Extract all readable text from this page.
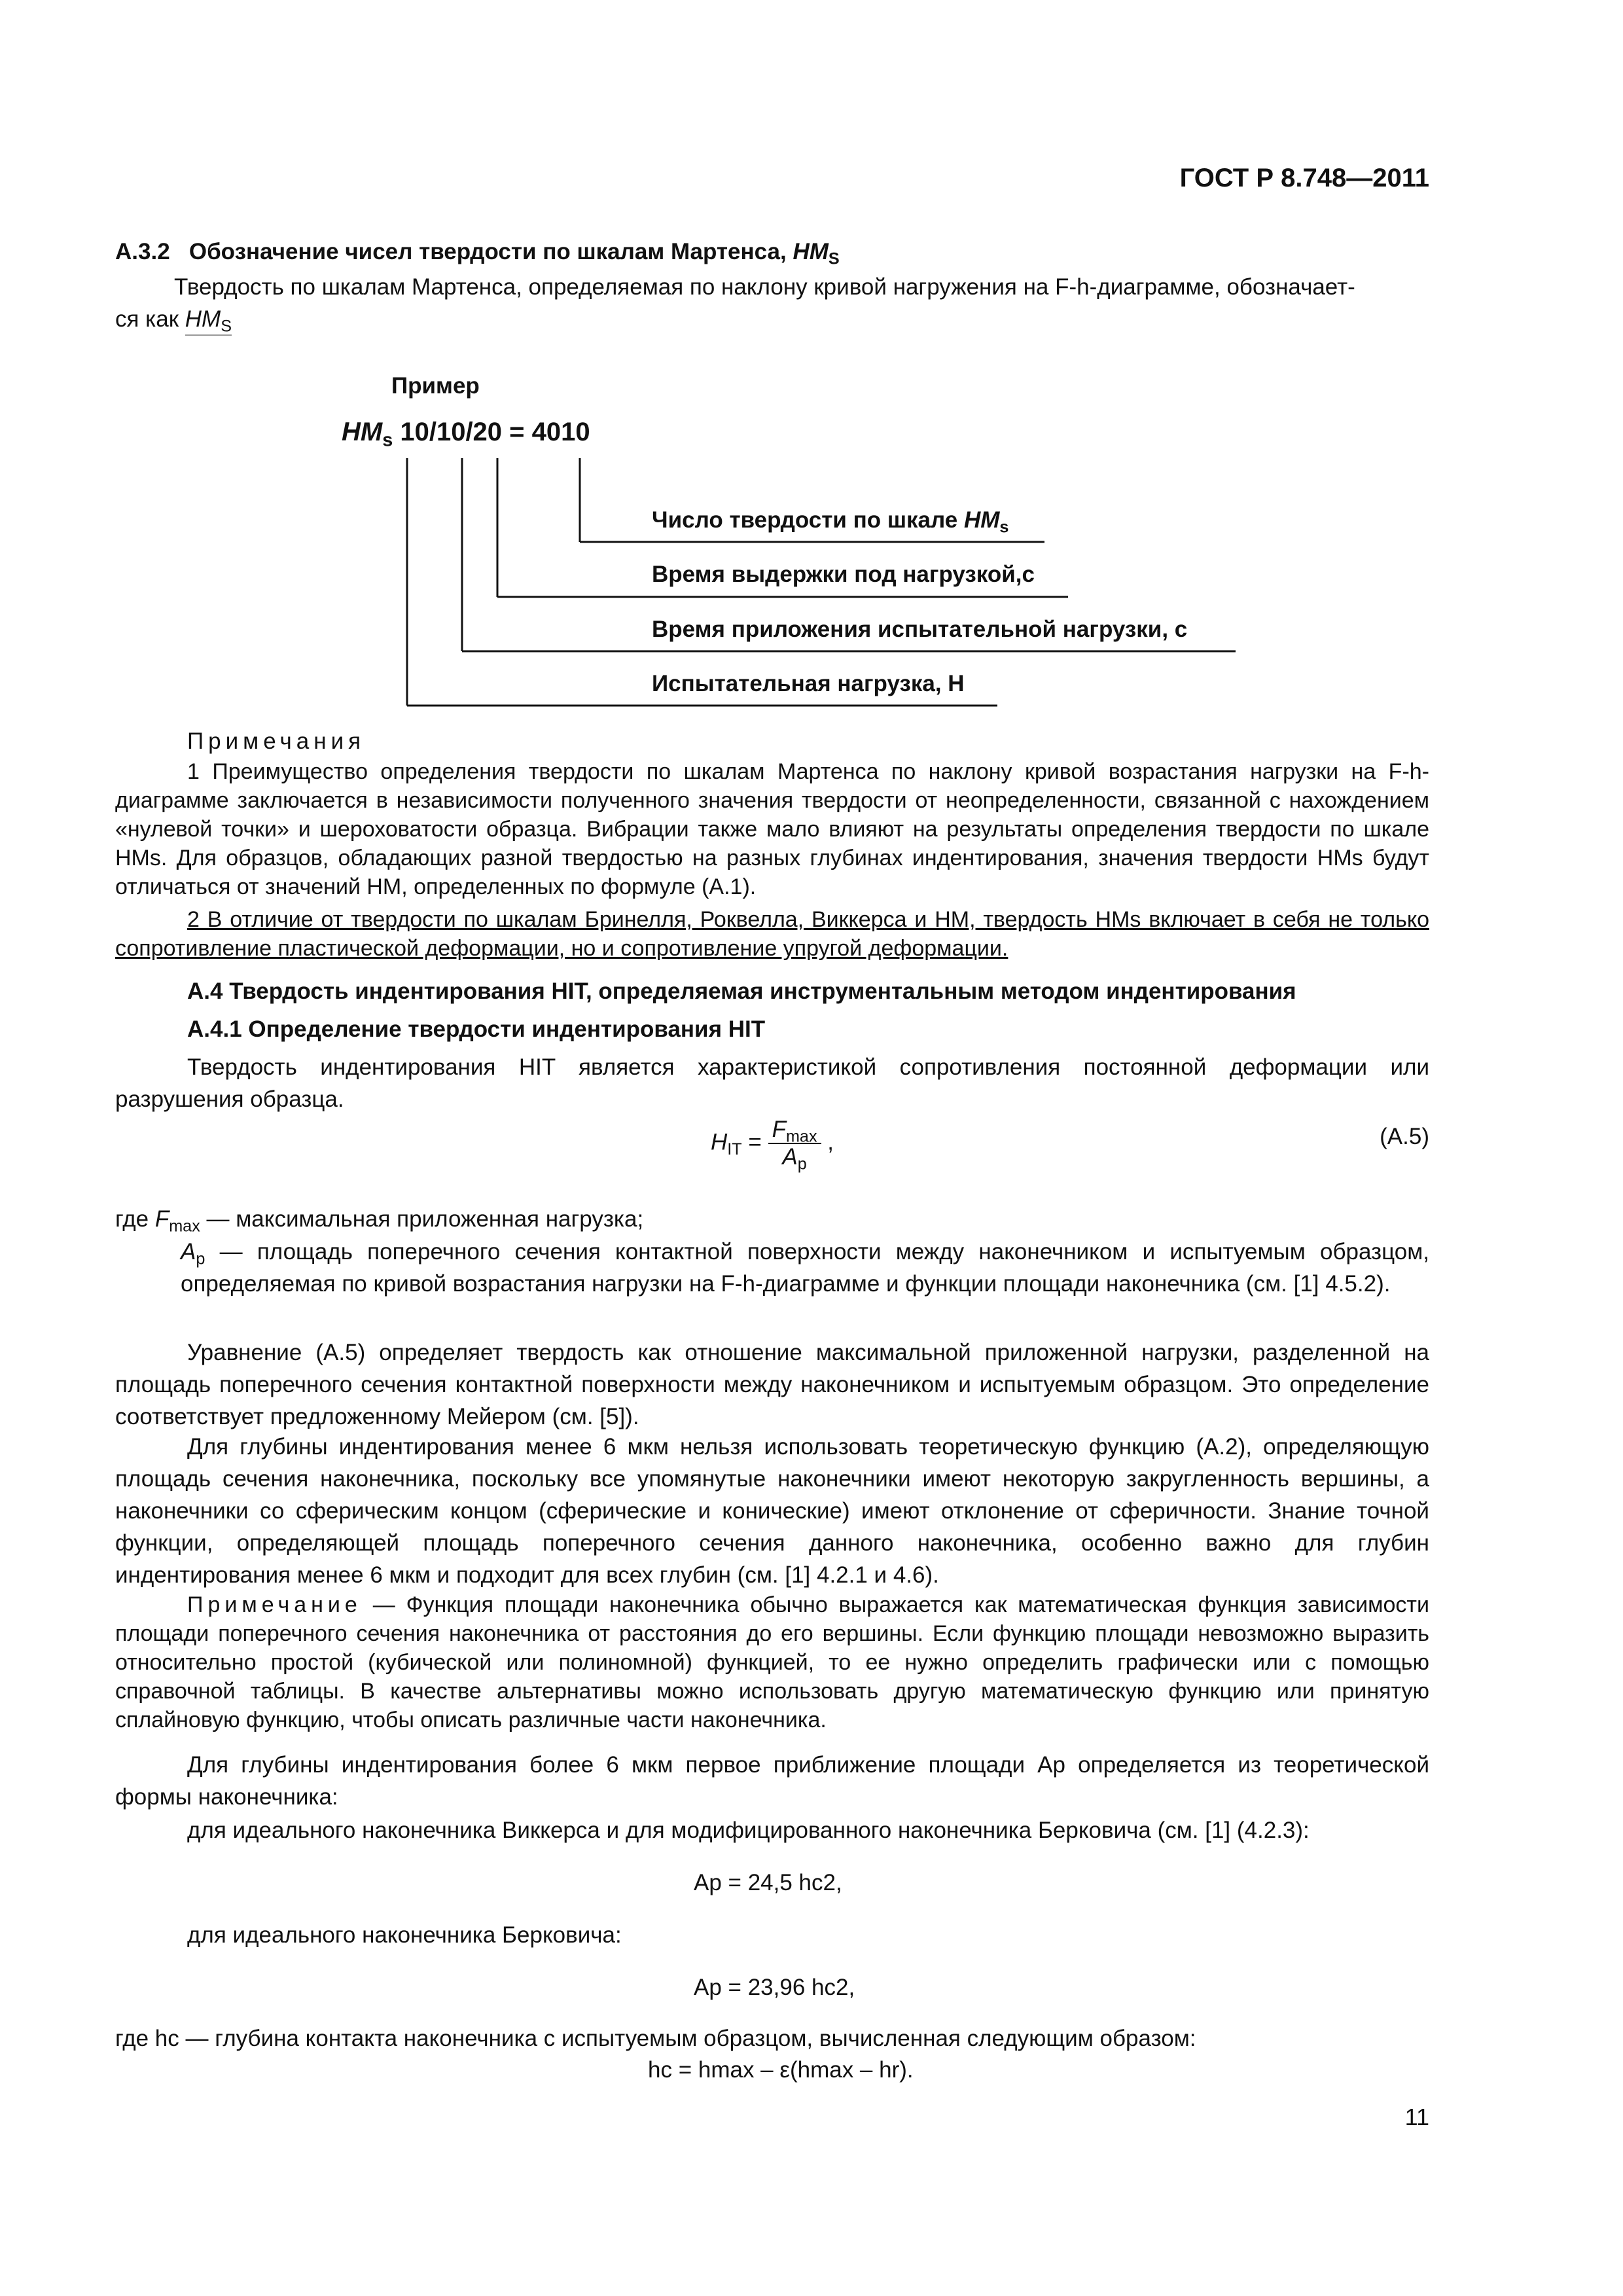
ГОСТ Р 8.748—2011
А.3.2 Обозначение чисел твердости по шкалам Мартенса, $HM_S$
Твердость по шкалам Мартенса, определяемая по наклону кривой нагружения на F-h-диаграмме, обозначает-
ся как $HM_S$
Пример
$HM_s$ 10/10/20 = 4010
Число твердости по шкале $HM_s$
Время выдержки под нагрузкой,с
Время приложения испытательной нагрузки, с
Испытательная нагрузка, Н
Примечания
1 Преимущество определения твердости по шкалам Мартенса по наклону кривой возрастания нагрузки на F-h-диаграмме заключается в независимости полученного значения твердости от неопределенности, связанной с нахождением «нулевой точки» и шероховатости образца. Вибрации также мало влияют на результаты определения твердости по шкале HMs. Для образцов, обладающих разной твердостью на разных глубинах индентирования, значения твердости HMs будут отличаться от значений НМ, определенных по формуле (А.1).
2 В отличие от твердости по шкалам Бринелля, Роквелла, Виккерса и НМ, твердость HMs включает в себя не только сопротивление пластической деформации, но и сопротивление упругой деформации.
А.4 Твердость индентирования HIT, определяемая инструментальным методом индентирования
А.4.1 Определение твердости индентирования HIT
Твердость индентирования HIT является характеристикой сопротивления постоянной деформации или разрушения образца.
$H_{IT} = \frac{F_{max}}{A_p}$ ,	(А.5)
где $F_{max}$ — максимальная приложенная нагрузка;
$A_p$ — площадь поперечного сечения контактной поверхности между наконечником и испытуемым образцом, определяемая по кривой возрастания нагрузки на F-h-диаграмме и функции площади наконечника (см. [1] 4.5.2).
Уравнение (А.5) определяет твердость как отношение максимальной приложенной нагрузки, разделенной на площадь поперечного сечения контактной поверхности между наконечником и испытуемым образцом. Это определение соответствует предложенному Мейером (см. [5]).
Для глубины индентирования менее 6 мкм нельзя использовать теоретическую функцию (А.2), определяющую площадь сечения наконечника, поскольку все упомянутые наконечники имеют некоторую закругленность вершины, а наконечники со сферическим концом (сферические и конические) имеют отклонение от сферичности. Знание точной функции, определяющей площадь поперечного сечения данного наконечника, особенно важно для глубин индентирования менее 6 мкм и подходит для всех глубин (см. [1] 4.2.1 и 4.6).
Примечание — Функция площади наконечника обычно выражается как математическая функция зависимости площади поперечного сечения наконечника от расстояния до его вершины. Если функцию площади невозможно выразить относительно простой (кубической или полиномной) функцией, то ее нужно определить графически или с помощью справочной таблицы. В качестве альтернативы можно использовать другую математическую функцию или принятую сплайновую функцию, чтобы описать различные части наконечника.
Для глубины индентирования более 6 мкм первое приближение площади Ap определяется из теоретической формы наконечника:
для идеального наконечника Виккерса и для модифицированного наконечника Берковича (см. [1] (4.2.3):
Ap = 24,5 hc2,
для идеального наконечника Берковича:
Ap = 23,96 hc2,
где hc — глубина контакта наконечника с испытуемым образцом, вычисленная следующим образом:
hc = hmax – ε(hmax – hr).
11
